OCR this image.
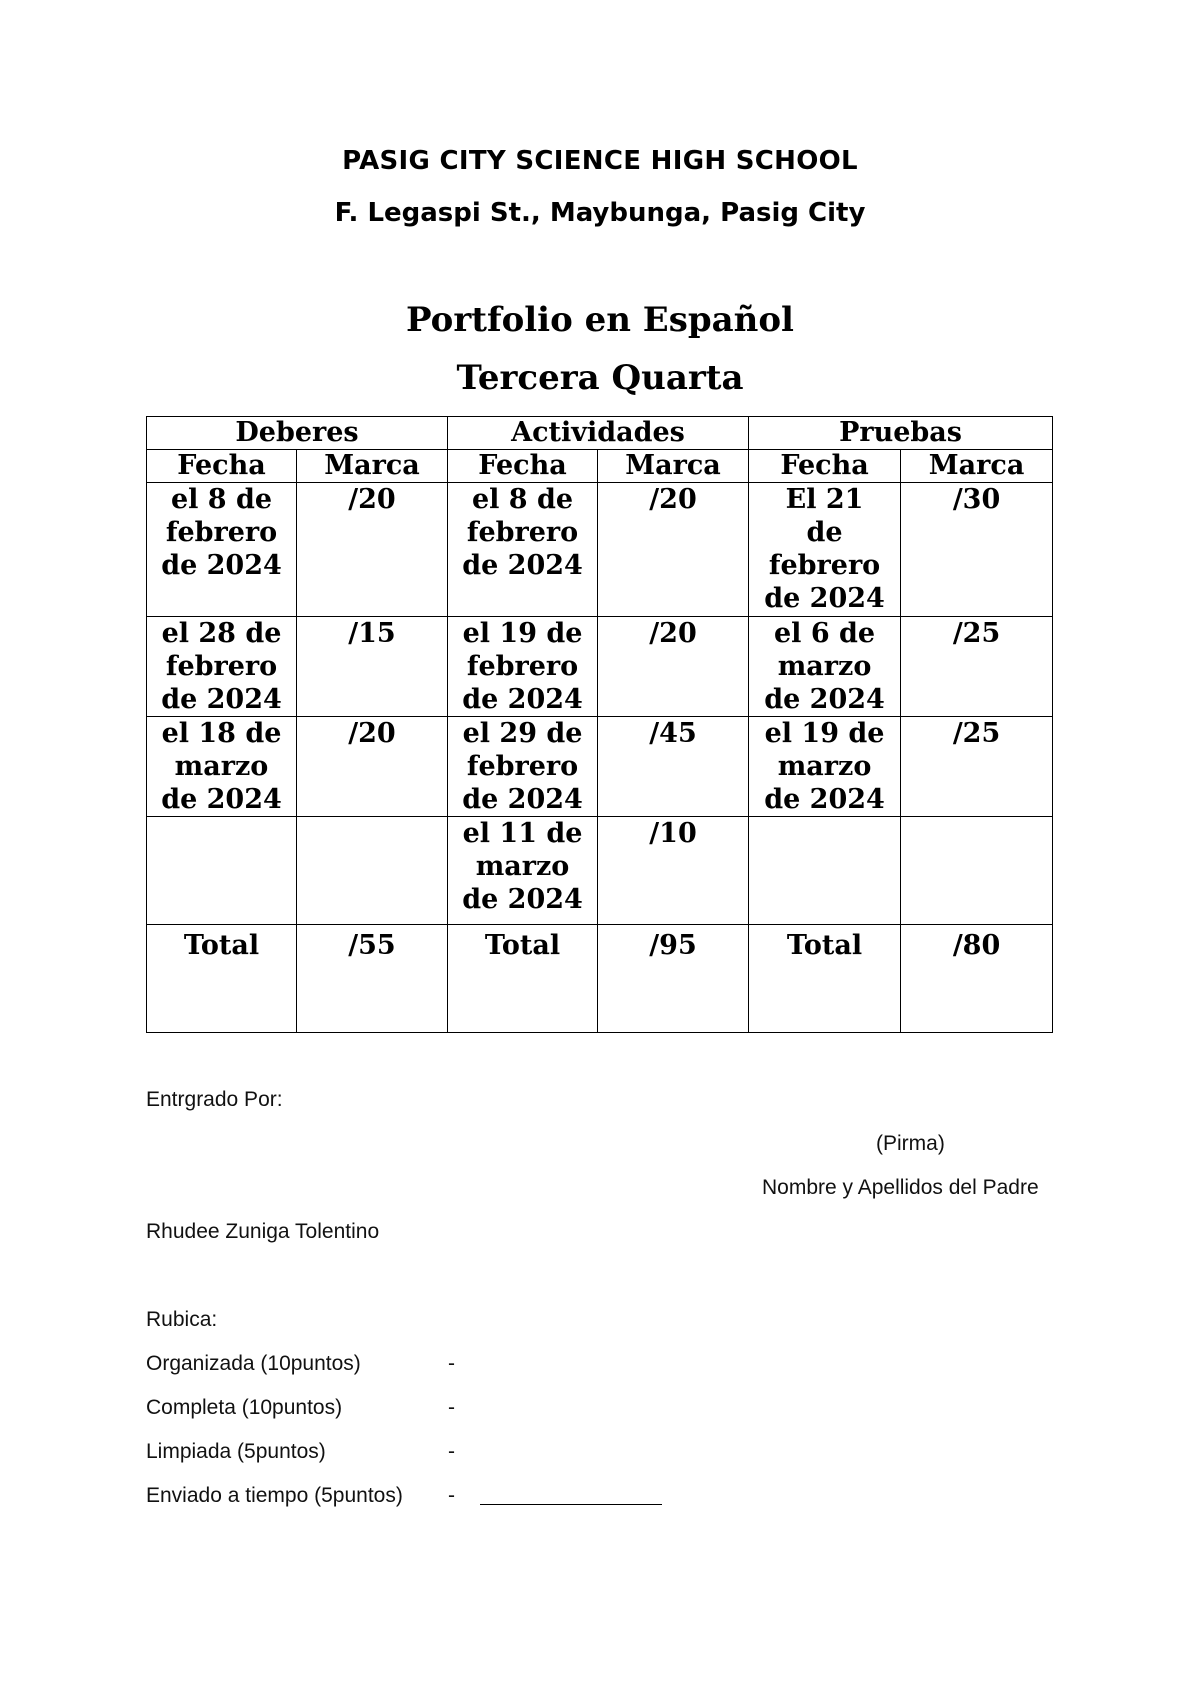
PASIG CITY SCIENCE HIGH SCHOOL
F. Legaspi St., Maybunga, Pasig City
Portfolio en Español
Tercera Quarta
Deberes		Actividades		Pruebas	
Fecha	Marca	Fecha	Marca	Fecha	Marca
el 8 de febrero de 2024	/20	el 8 de febrero de 2024	/20	El 21 de febrero de 2024	/30
el 28 de febrero de 2024	/15	el 19 de febrero de 2024	/20	el 6 de marzo de 2024	/25
el 18 de marzo de 2024	/20	el 29 de febrero de 2024	/45	el 19 de marzo de 2024	/25
		el 11 de marzo de 2024	/10		
Total	/55	Total	/95	Total	/80
Entrgrado Por:
(Pirma)
Nombre y Apellidos del Padre
Rhudee Zuniga Tolentino
Rubica:
Organizada (10puntos)	-
Completa (10puntos)	-
Limpiada (5puntos)	-
Enviado a tiempo (5puntos) -
